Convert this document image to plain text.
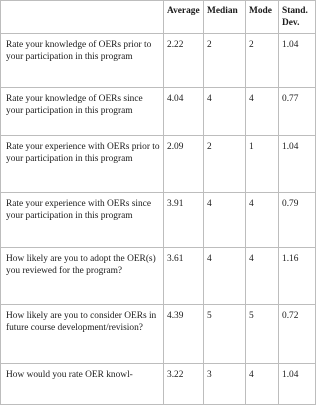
	Average	Median	Mode	Stand. Dev.
Rate your knowledge of OERs prior to your participation in this program	2.22	2	2	1.04
Rate your knowledge of OERs since your participation in this program	4.04	4	4	0.77
Rate your experience with OERs prior to your participation in this program	2.09	2	1	1.04
Rate your experience with OERs since your participation in this program	3.91	4	4	0.79
How likely are you to adopt the OER(s) you reviewed for the program?	3.61	4	4	1.16
How likely are you to consider OERs in future course development/revision?	4.39	5	5	0.72
How would you rate OER knowl-	3.22	3	4	1.04
